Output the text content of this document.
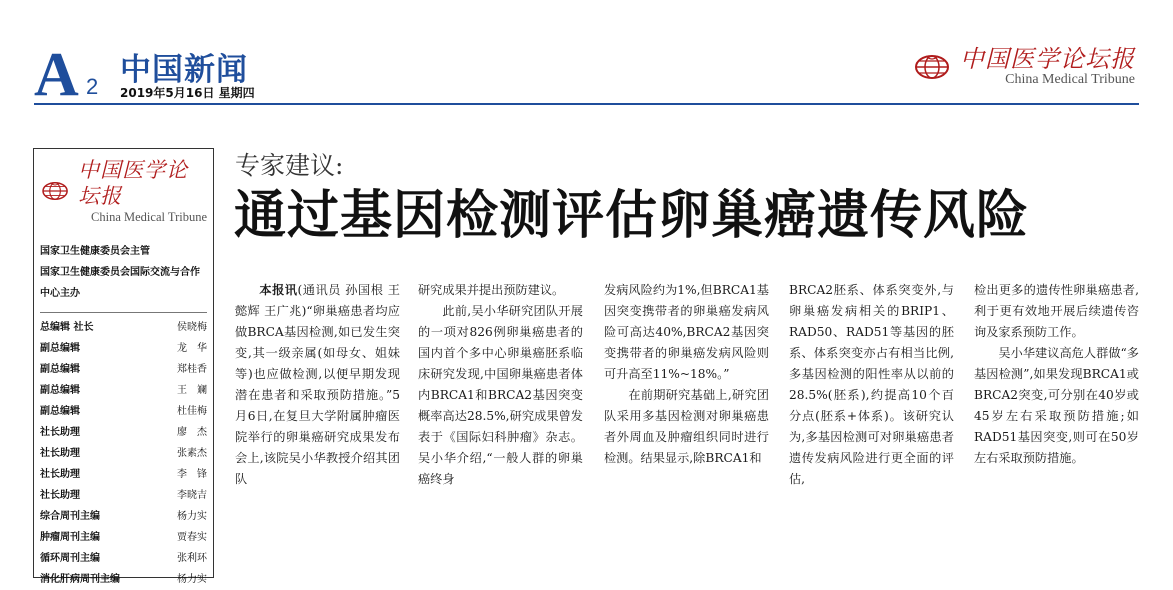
A 2 中国新闻
2019年5月16日 星期四
中国医学论坛报
China Medical Tribune
中国医学论坛报
China Medical Tribune
国家卫生健康委员会主管
国家卫生健康委员会国际交流与合作中心主办
总编辑 社长	侯晓梅
副总编辑	龙　华
副总编辑	郑桂香
副总编辑	王　斓
副总编辑	杜佳梅
社长助理	廖　杰
社长助理	张素杰
社长助理	李　锋
社长助理	李晓吉
综合周刊主编	杨力实
肿瘤周刊主编	贾春实
循环周刊主编	张利环
消化肝病周刊主编	杨力实
专家建议:
通过基因检测评估卵巢癌遗传风险

本报讯(通讯员 孙国根 王懿辉 王广兆)“卵巢癌患者均应做BRCA基因检测,如已发生突变,其一级亲属(如母女、姐妹等)也应做检测,以便早期发现潜在患者和采取预防措施。”5月6日,在复旦大学附属肿瘤医院举行的卵巢癌研究成果发布会上,该院吴小华教授介绍其团队

研究成果并提出预防建议。

此前,吴小华研究团队开展的一项对826例卵巢癌患者的国内首个多中心卵巢癌胚系临床研究发现,中国卵巢癌患者体内BRCA1和BRCA2基因突变概率高达28.5%,研究成果曾发表于《国际妇科肿瘤》杂志。吴小华介绍,“一般人群的卵巢癌终身

发病风险约为1%,但BRCA1基因突变携带者的卵巢癌发病风险可高达40%,BRCA2基因突变携带者的卵巢癌发病风险则可升高至11%~18%。”

在前期研究基础上,研究团队采用多基因检测对卵巢癌患者外周血及肿瘤组织同时进行检测。结果显示,除BRCA1和

BRCA2胚系、体系突变外,与卵巢癌发病相关的BRIP1、RAD50、RAD51等基因的胚系、体系突变亦占有相当比例,多基因检测的阳性率从以前的28.5%(胚系),约提高10个百分点(胚系+体系)。该研究认为,多基因检测可对卵巢癌患者遗传发病风险进行更全面的评估,

检出更多的遗传性卵巢癌患者,利于更有效地开展后续遗传咨询及家系预防工作。

吴小华建议高危人群做“多基因检测”,如果发现BRCA1或BRCA2突变,可分别在40岁或45岁左右采取预防措施;如RAD51基因突变,则可在50岁左右采取预防措施。
